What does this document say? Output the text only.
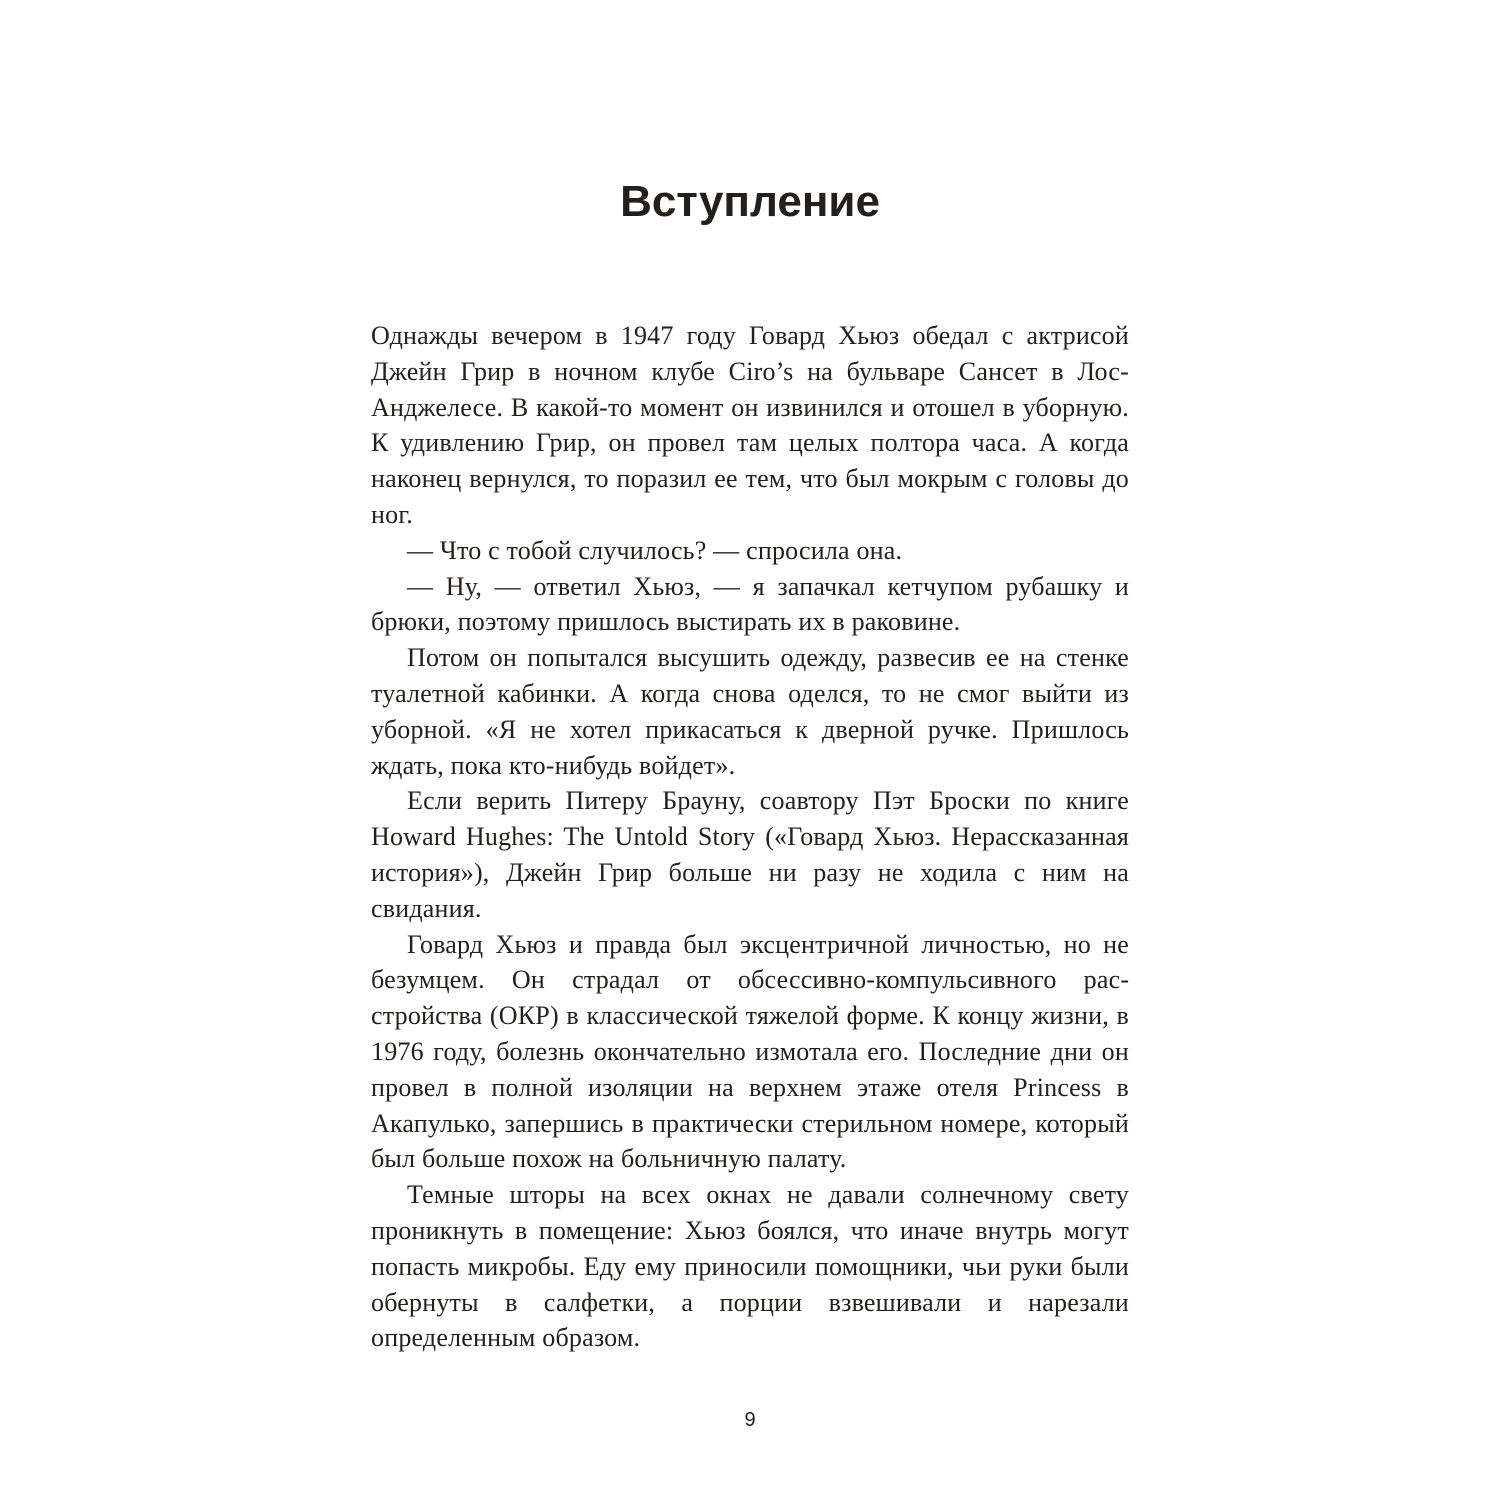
Вступление

Однажды вечером в 1947 году Говард Хьюз обедал с актрисой Джейн Грир в ночном клубе Ciro’s на бульваре Сансет в Лос-Анджелесе. В какой-то момент он извинился и отошел в уборную. К удивлению Грир, он провел там целых полтора часа. А когда наконец вернулся, то поразил ее тем, что был мокрым с головы до ног.

— Что с тобой случилось? — спросила она.

— Ну, — ответил Хьюз, — я запачкал кетчупом рубашку и брюки, поэтому пришлось выстирать их в раковине.

Потом он попытался высушить одежду, развесив ее на стенке туалетной кабинки. А когда снова оделся, то не смог выйти из уборной. «Я не хотел прикасаться к дверной ручке. Пришлось ждать, пока кто-нибудь войдет».

Если верить Питеру Брауну, соавтору Пэт Броски по книге Howard Hughes: The Untold Story («Говард Хьюз. Нерассказанная история»), Джейн Грир больше ни разу не ходила с ним на свидания.

Говард Хьюз и правда был эксцентричной личностью, но не безумцем. Он страдал от обсессивно-компульсивного расстройства (ОКР) в классической тяжелой форме. К концу жизни, в 1976 году, болезнь окончательно измотала его. Последние дни он провел в полной изоляции на верхнем этаже отеля Princess в Акапулько, запершись в практически стерильном номере, который был больше похож на больничную палату.

Темные шторы на всех окнах не давали солнечному свету проникнуть в помещение: Хьюз боялся, что иначе внутрь могут попасть микробы. Еду ему приносили помощники, чьи руки были обернуты в салфетки, а порции взвешивали и нарезали определенным образом.

9
